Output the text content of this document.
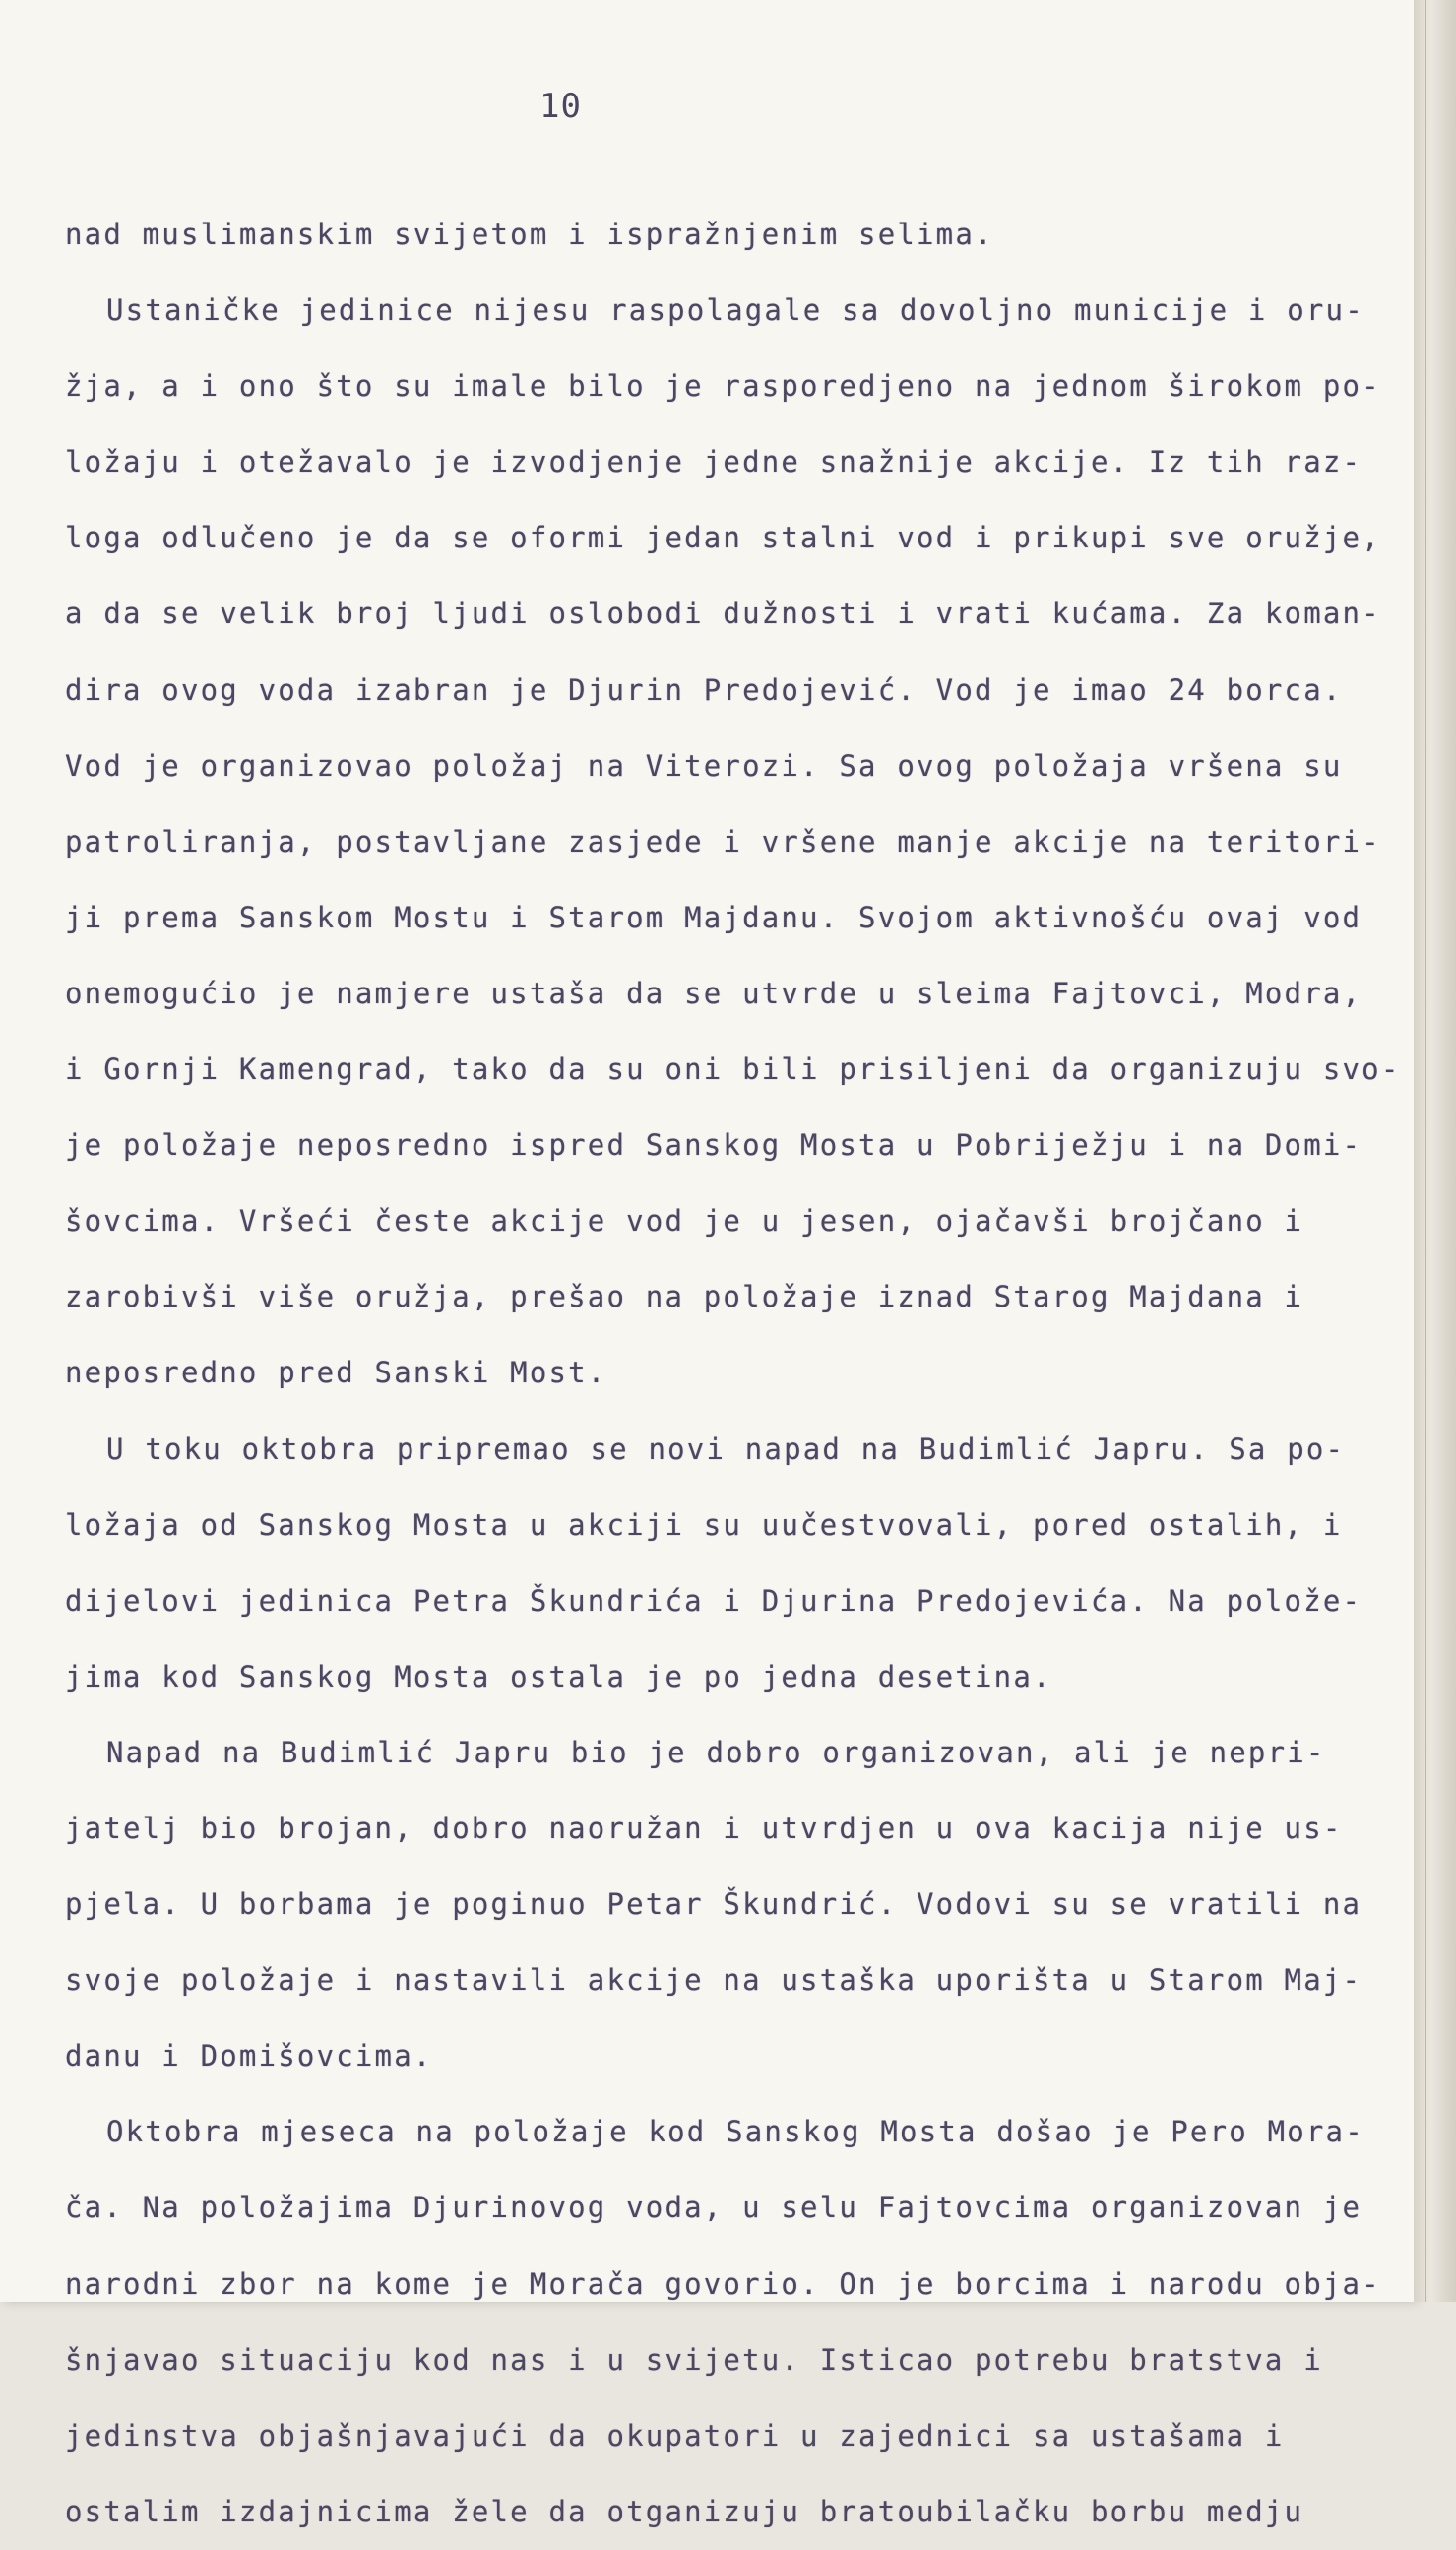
10
nad muslimanskim svijetom i ispražnjenim selima.
Ustaničke jedinice nijesu raspolagale sa dovoljno municije i oru-
žja, a i ono što su imale bilo je rasporedjeno na jednom širokom po-
ložaju i otežavalo je izvodjenje jedne snažnije akcije. Iz tih raz-
loga odlučeno je da se oformi jedan stalni vod i prikupi sve oružje,
a da se velik broj ljudi oslobodi dužnosti i vrati kućama. Za koman-
dira ovog voda izabran je Djurin Predojević. Vod je imao 24 borca.
Vod je organizovao položaj na Viterozi. Sa ovog položaja vršena su
patroliranja, postavljane zasjede i vršene manje akcije na teritori-
ji prema Sanskom Mostu i Starom Majdanu. Svojom aktivnošću ovaj vod
onemogućio je namjere ustaša da se utvrde u sleima Fajtovci, Modra,
i Gornji Kamengrad, tako da su oni bili prisiljeni da organizuju svo-
je položaje neposredno ispred Sanskog Mosta u Pobriježju i na Domi-
šovcima. Vršeći česte akcije vod je u jesen, ojačavši brojčano i
zarobivši više oružja, prešao na položaje iznad Starog Majdana i
neposredno pred Sanski Most.
U toku oktobra pripremao se novi napad na Budimlić Japru. Sa po-
ložaja od Sanskog Mosta u akciji su uučestvovali, pored ostalih, i
dijelovi jedinica Petra Škundrića i Djurina Predojevića. Na polože-
jima kod Sanskog Mosta ostala je po jedna desetina.
Napad na Budimlić Japru bio je dobro organizovan, ali je nepri-
jatelj bio brojan, dobro naoružan i utvrdjen u ova kacija nije us-
pjela. U borbama je poginuo Petar Škundrić. Vodovi su se vratili na
svoje položaje i nastavili akcije na ustaška uporišta u Starom Maj-
danu i Domišovcima.
Oktobra mjeseca na položaje kod Sanskog Mosta došao je Pero Mora-
ča. Na položajima Djurinovog voda, u selu Fajtovcima organizovan je
narodni zbor na kome je Morača govorio. On je borcima i narodu obja-
šnjavao situaciju kod nas i u svijetu. Isticao potrebu bratstva i
jedinstva objašnjavajući da okupatori u zajednici sa ustašama i
ostalim izdajnicima žele da otganizuju bratoubilačku borbu medju
